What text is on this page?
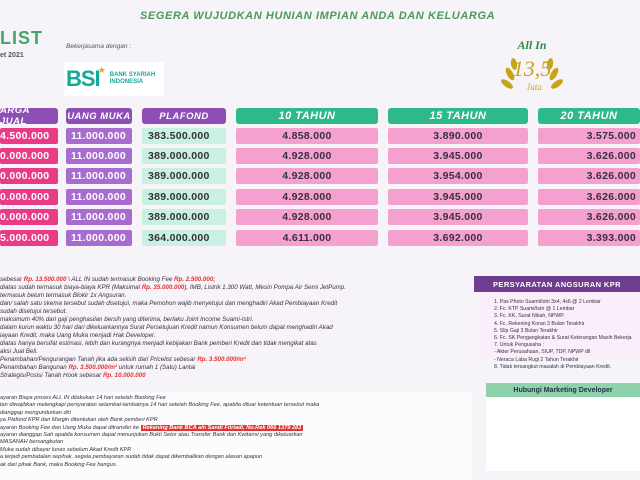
SEGERA WUJUDKAN HUNIAN IMPIAN ANDA DAN KELUARGA
LIST
et 2021
Bekerjasama dengan :
BSI
★
BANK SYARIAH
INDONESIA
All In
13,5
Juta
ARGA JUAL	UANG MUKA	PLAFOND	10 TAHUN	15 TAHUN	20 TAHUN
4.500.000	11.000.000	383.500.000	4.858.000	3.890.000	3.575.000
0.000.000	11.000.000	389.000.000	4.928.000	3.945.000	3.626.000
0.000.000	11.000.000	389.000.000	4.928.000	3.954.000	3.626.000
0.000.000	11.000.000	389.000.000	4.928.000	3.945.000	3.626.000
0.000.000	11.000.000	389.000.000	4.928.000	3.945.000	3.626.000
5.000.000	11.000.000	364.000.000	4.611.000	3.692.000	3.393.000
sebesar Rp. 13.500.000 \ ALL IN sudah termasuk Booking Fee Rp. 2.500.000;
diatas sudah termasuk biaya-biaya KPR (Maksimal Rp. 35.000.000), IMB, Listrik 1.300 Watt, Mesin Pompa Air Semi JetPump.
termasuk belum termasuk Blokir 1x Angsuran.
dan/ salah satu skema tersebut sudah disetujui, maka Pemohon wajib menyetujui dan menghadiri Akad Pembiayaan Kredit
sudah disetujui tersebut.
maksimum 40% dari gaji penghasilan bersih yang diterima, berlaku Joint Income Suami-Istri.
dalam kurun waktu 30 hari dari dikeluarkannya Surat Persetujuan Kredit namun Konsumen belum dapat menghadiri Akad
iayaan Kredit, maka Uang Muka menjadi Hak Developer.
diatas hanya bersifat estimasi, lebih dan kurangnya menjadi kebijakan Bank pemberi Kredit dan tidak mengikat atas
aksi Jual Beli.
Penambahan/Pengurangan Tanah jika ada selisih dari Pricelist sebesar Rp. 3.500.000/m²
Penambahan Bangunan Rp. 3.500.000/m² untuk rumah 1 (Satu) Lantai
Strategis/Posisi Tanah Hook sebesar Rp. 10.000.000
PERSYARATAN ANGSURAN KPR
1. Pas Photo Suami/Istri 3x4, 4x6 @ 2 Lembar
2. Fc. KTP Suami/Istri @ 1 Lembar
3. Fc. KK, Surat Nikah, NPWP.
4. Fc. Rekening Koran 3 Bulan Terakhir
5. Slip Gaji 3 Bulan Terakhir
6. Fc. SK Pengangkatan & Surat Keterangan Masih Bekerja
7. Untuk Pengusaha :
- Akter Perusahaan, SIUP, TDP, NPWP dll
- Neraca Laba Rugi 2 Tahun Terakhir
8. Tidak tersangkut masalah di Pembiayaan Kredit.
Hubungi Marketing Developer
ayaran Biaya proses ALL IN dilakukan 14 hari setelah Booking Fee
tan diwajibkan melengkapi persyaratan selambat-lambatnya 14 hari setelah Booking Fee, apabila diluar ketentuan tersebut maka
dianggap mengundurkan diri
ya Plafond KPR dan Margin ditentukan oleh Bank pemberi KPR
ayaran Booking Fee dan Uang Muka dapat ditransfer ke Rekening Bank BCA a/n Sandi Fitriadi, No.Rek 066 1379 283
ayaran dianggap Sah apabila konsumen dapat menunjukan Bukti Setor atau Transfer Bank dan Kwitansi yang dikeluarkan
MASANAH bersangkutan
Muka sudah dibayar lunas sebelum Akad Kredit KPR
a terjadi pembatalan sepihak, segala pembayaran sudah tidak dapat dikembalikan dengan alasan apapun
ak dari pihak Bank, maka Booking Fee hangus.
